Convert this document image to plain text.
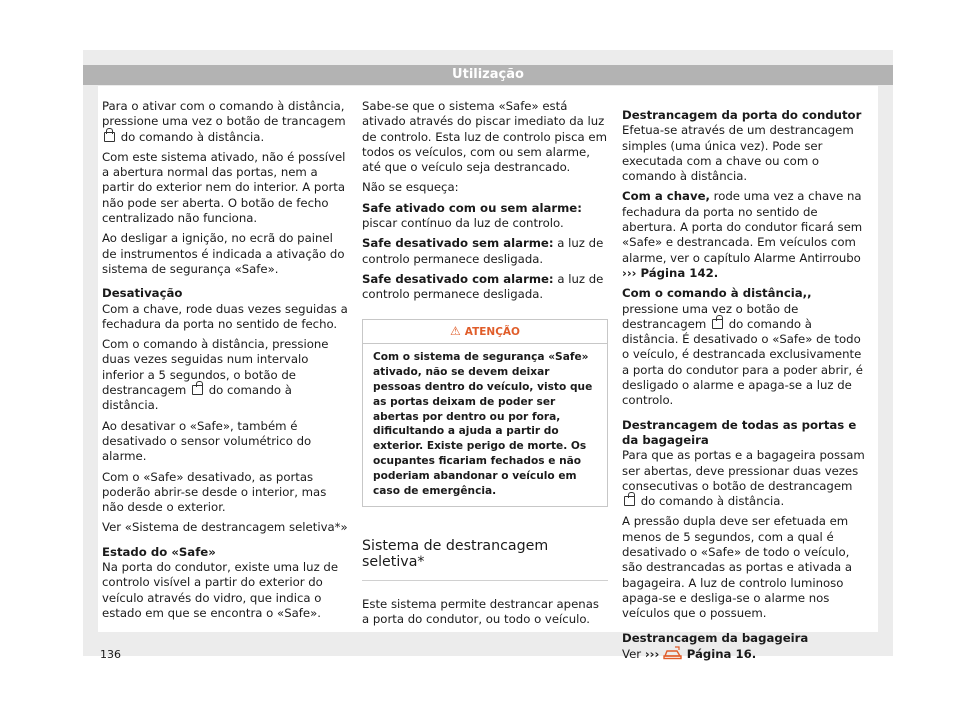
Utilização

Para o ativar com o comando à distância, pressione uma vez o botão de trancagem  do comando à distância.

Com este sistema ativado, não é possível a abertura normal das portas, nem a partir do exterior nem do interior. A porta não pode ser aberta. O botão de fecho centralizado não funciona.

Ao desligar a ignição, no ecrã do painel de instrumentos é indicada a ativação do sistema de segurança «Safe».

Desativação

Com a chave, rode duas vezes seguidas a fechadura da porta no sentido de fecho.

Com o comando à distância, pressione duas vezes seguidas num intervalo inferior a 5 segundos, o botão de destrancagem do comando à distância.

Ao desativar o «Safe», também é desativado o sensor volumétrico do alarme.

Com o «Safe» desativado, as portas poderão abrir-se desde o interior, mas não desde o exterior.

Ver «Sistema de destrancagem seletiva*»

Estado do «Safe»

Na porta do condutor, existe uma luz de controlo visível a partir do exterior do veículo através do vidro, que indica o estado em que se encontra o «Safe».

Sabe-se que o sistema «Safe» está ativado através do piscar imediato da luz de controlo. Esta luz de controlo pisca em todos os veículos, com ou sem alarme, até que o veículo seja destrancado.

Não se esqueça:

Safe ativado com ou sem alarme: piscar contínuo da luz de controlo.

Safe desativado sem alarme: a luz de controlo permanece desligada.

Safe desativado com alarme: a luz de controlo permanece desligada.

⚠ ATENÇÃO
Com o sistema de segurança «Safe» ativado, não se devem deixar pessoas dentro do veículo, visto que as portas deixam de poder ser abertas por dentro ou por fora, dificultando a ajuda a partir do exterior. Existe perigo de morte. Os ocupantes ficariam fechados e não poderiam abandonar o veículo em caso de emergência.

Sistema de destrancagem seletiva*

Este sistema permite destrancar apenas a porta do condutor, ou todo o veículo.

Destrancagem da porta do condutor

Efetua-se através de um destrancagem simples (uma única vez). Pode ser executada com a chave ou com o comando à distância.

Com a chave, rode uma vez a chave na fechadura da porta no sentido de abertura. A porta do condutor ficará sem «Safe» e destrancada. Em veículos com alarme, ver o capítulo Alarme Antirroubo ››› Página 142.

Com o comando à distância,, pressione uma vez o botão de destrancagem do comando à distância. É desativado o «Safe» de todo o veículo, é destrancada exclusivamente a porta do condutor para a poder abrir, é desligado o alarme e apaga-se a luz de controlo.

Destrancagem de todas as portas e da bagageira

Para que as portas e a bagageira possam ser abertas, deve pressionar duas vezes consecutivas o botão de destrancagem  do comando à distância.

A pressão dupla deve ser efetuada em menos de 5 segundos, com a qual é desativado o «Safe» de todo o veículo, são destrancadas as portas e ativada a bagageira. A luz de controlo luminoso apaga-se e desliga-se o alarme nos veículos que o possuem.

Destrancagem da bagageira

Ver ››› Página 16.

136
